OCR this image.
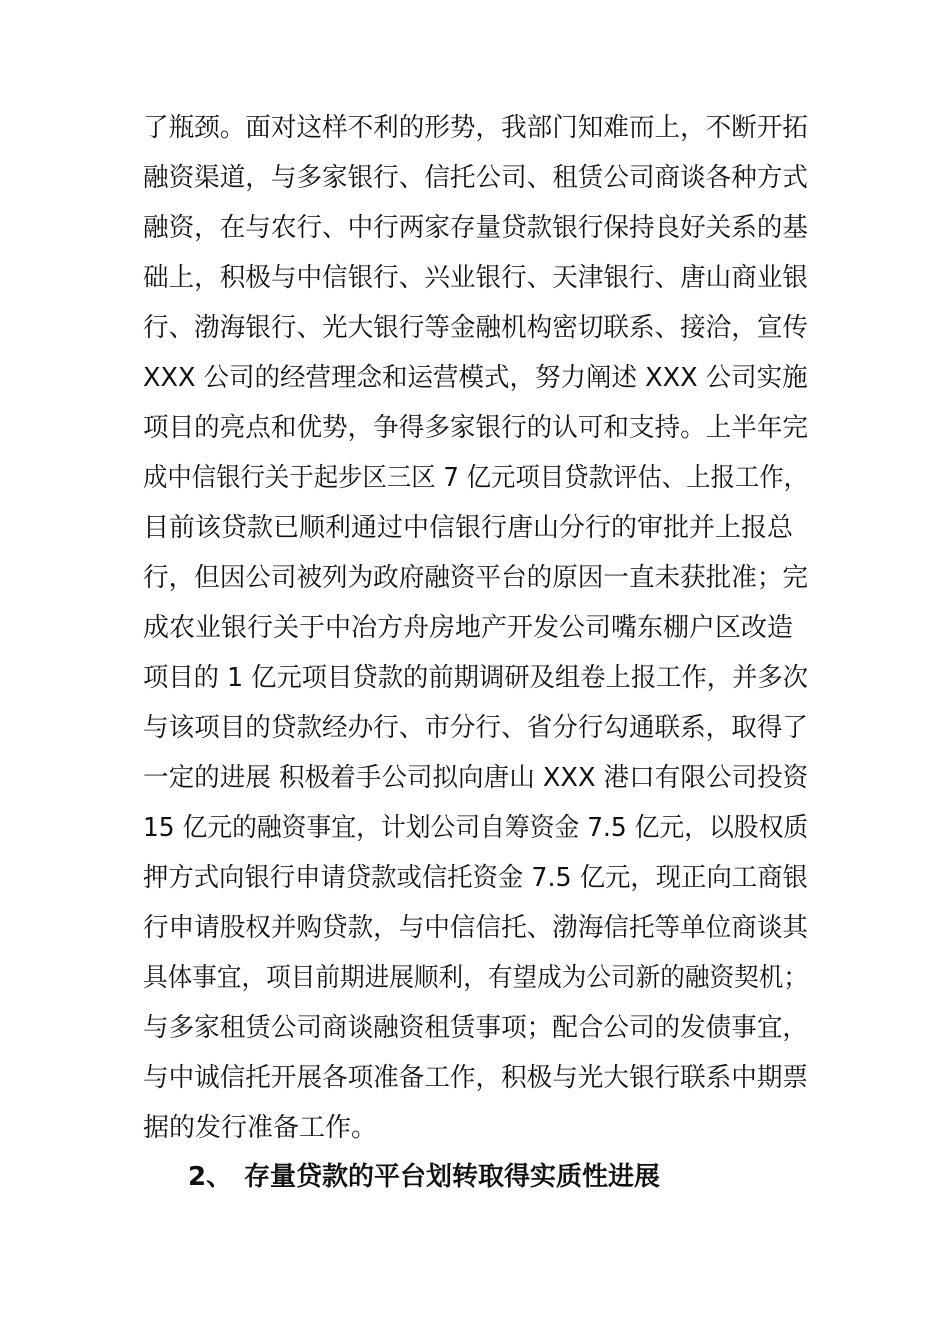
了瓶颈。面对这样不利的形势，我部门知难而上，不断开拓
融资渠道，与多家银行、信托公司、租赁公司商谈各种方式
融资，在与农行、中行两家存量贷款银行保持良好关系的基
础上，积极与中信银行、兴业银行、天津银行、唐山商业银
行、渤海银行、光大银行等金融机构密切联系、接洽，宣传
XXX 公司的经营理念和运营模式，努力阐述 XXX 公司实施
项目的亮点和优势，争得多家银行的认可和支持。上半年完
成中信银行关于起步区三区 7 亿元项目贷款评估、上报工作，
目前该贷款已顺利通过中信银行唐山分行的审批并上报总
行，但因公司被列为政府融资平台的原因一直未获批准；完
成农业银行关于中冶方舟房地产开发公司嘴东棚户区改造
项目的 1 亿元项目贷款的前期调研及组卷上报工作，并多次
与该项目的贷款经办行、市分行、省分行勾通联系，取得了
一定的进展 积极着手公司拟向唐山 XXX 港口有限公司投资
15 亿元的融资事宜，计划公司自筹资金 7.5 亿元，以股权质
押方式向银行申请贷款或信托资金 7.5 亿元，现正向工商银
行申请股权并购贷款，与中信信托、渤海信托等单位商谈其
具体事宜，项目前期进展顺利，有望成为公司新的融资契机；
与多家租赁公司商谈融资租赁事项；配合公司的发债事宜，
与中诚信托开展各项准备工作，积极与光大银行联系中期票
据的发行准备工作。
2、 存量贷款的平台划转取得实质性进展
